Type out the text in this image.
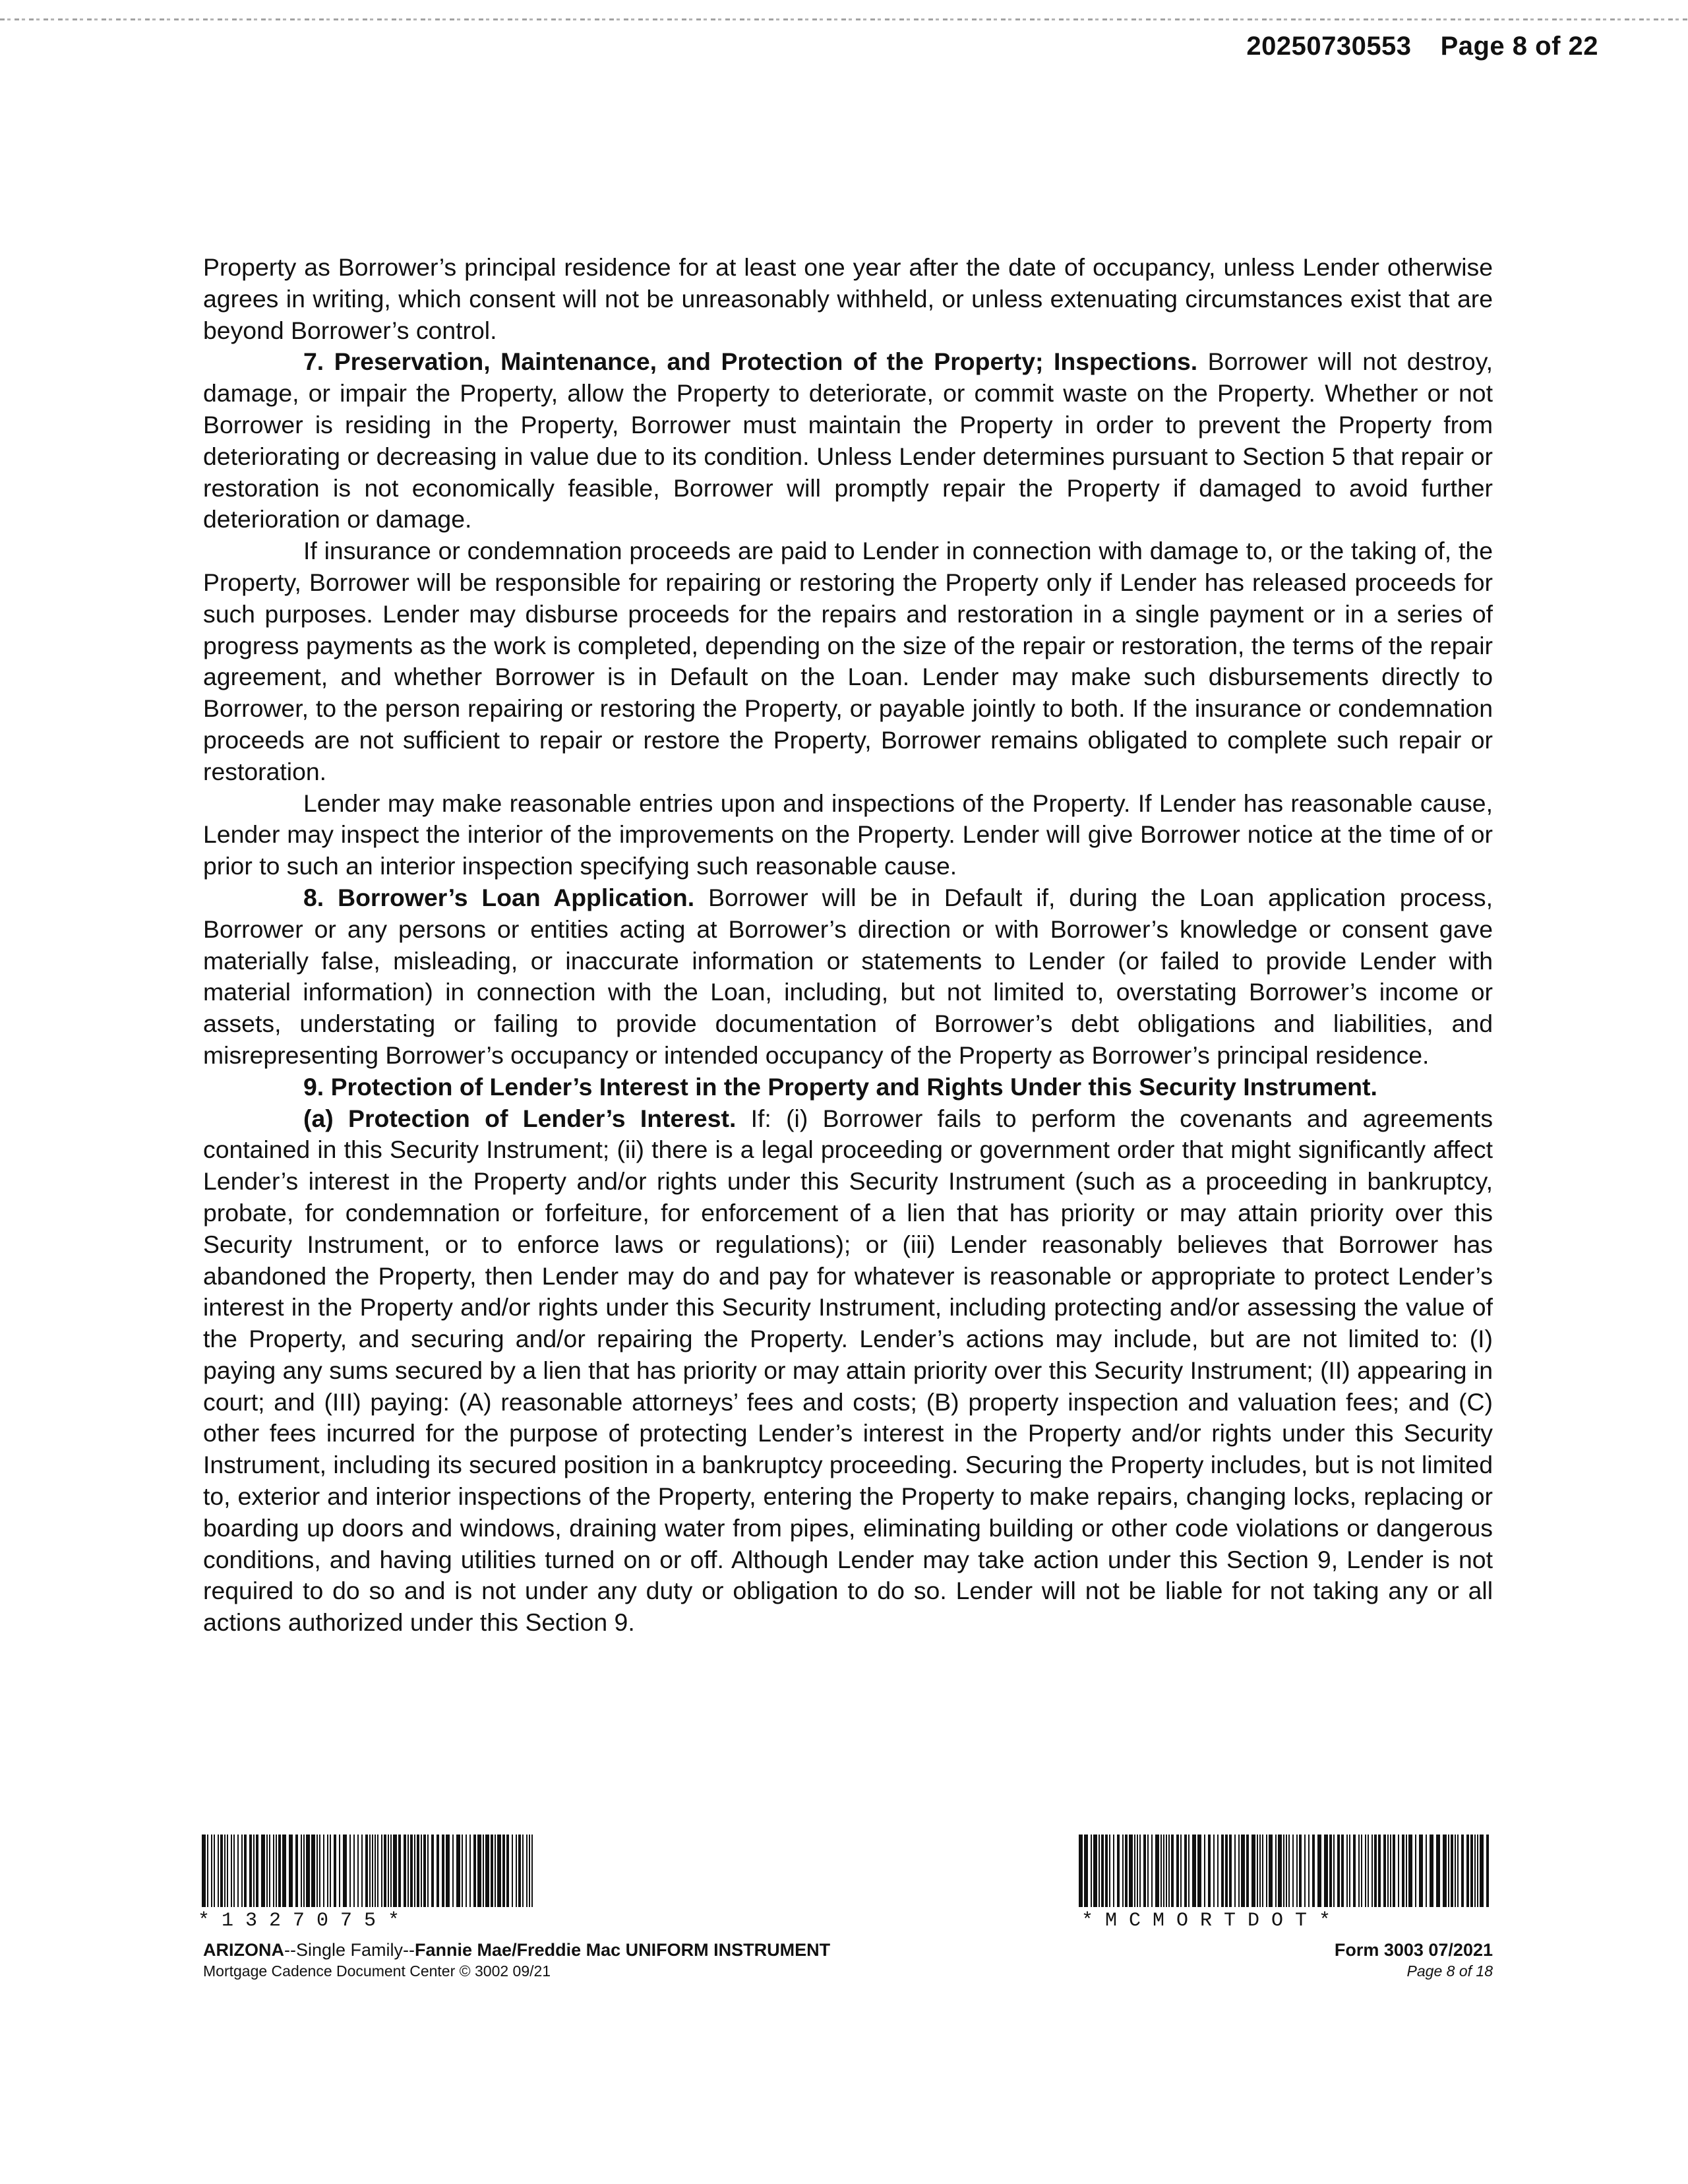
20250730553 Page 8 of 22

Property as Borrower’s principal residence for at least one year after the date of occupancy, unless Lender otherwise agrees in writing, which consent will not be unreasonably withheld, or unless extenuating circumstances exist that are beyond Borrower’s control.

7. Preservation, Maintenance, and Protection of the Property; Inspections. Borrower will not destroy, damage, or impair the Property, allow the Property to deteriorate, or commit waste on the Property. Whether or not Borrower is residing in the Property, Borrower must maintain the Property in order to prevent the Property from deteriorating or decreasing in value due to its condition. Unless Lender determines pursuant to Section 5 that repair or restoration is not economically feasible, Borrower will promptly repair the Property if damaged to avoid further deterioration or damage.

If insurance or condemnation proceeds are paid to Lender in connection with damage to, or the taking of, the Property, Borrower will be responsible for repairing or restoring the Property only if Lender has released proceeds for such purposes. Lender may disburse proceeds for the repairs and restoration in a single payment or in a series of progress payments as the work is completed, depending on the size of the repair or restoration, the terms of the repair agreement, and whether Borrower is in Default on the Loan. Lender may make such disbursements directly to Borrower, to the person repairing or restoring the Property, or payable jointly to both. If the insurance or condemnation proceeds are not sufficient to repair or restore the Property, Borrower remains obligated to complete such repair or restoration.

Lender may make reasonable entries upon and inspections of the Property. If Lender has reasonable cause, Lender may inspect the interior of the improvements on the Property. Lender will give Borrower notice at the time of or prior to such an interior inspection specifying such reasonable cause.

8. Borrower’s Loan Application. Borrower will be in Default if, during the Loan application process, Borrower or any persons or entities acting at Borrower’s direction or with Borrower’s knowledge or consent gave materially false, misleading, or inaccurate information or statements to Lender (or failed to provide Lender with material information) in connection with the Loan, including, but not limited to, overstating Borrower’s income or assets, understating or failing to provide documentation of Borrower’s debt obligations and liabilities, and misrepresenting Borrower’s occupancy or intended occupancy of the Property as Borrower’s principal residence.

9. Protection of Lender’s Interest in the Property and Rights Under this Security Instrument.

(a) Protection of Lender’s Interest. If: (i) Borrower fails to perform the covenants and agreements contained in this Security Instrument; (ii) there is a legal proceeding or government order that might significantly affect Lender’s interest in the Property and/or rights under this Security Instrument (such as a proceeding in bankruptcy, probate, for condemnation or forfeiture, for enforcement of a lien that has priority or may attain priority over this Security Instrument, or to enforce laws or regulations); or (iii) Lender reasonably believes that Borrower has abandoned the Property, then Lender may do and pay for whatever is reasonable or appropriate to protect Lender’s interest in the Property and/or rights under this Security Instrument, including protecting and/or assessing the value of the Property, and securing and/or repairing the Property. Lender’s actions may include, but are not limited to: (I) paying any sums secured by a lien that has priority or may attain priority over this Security Instrument; (II) appearing in court; and (III) paying: (A) reasonable attorneys’ fees and costs; (B) property inspection and valuation fees; and (C) other fees incurred for the purpose of protecting Lender’s interest in the Property and/or rights under this Security Instrument, including its secured position in a bankruptcy proceeding. Securing the Property includes, but is not limited to, exterior and interior inspections of the Property, entering the Property to make repairs, changing locks, replacing or boarding up doors and windows, draining water from pipes, eliminating building or other code violations or dangerous conditions, and having utilities turned on or off. Although Lender may take action under this Section 9, Lender is not required to do so and is not under any duty or obligation to do so. Lender will not be liable for not taking any or all actions authorized under this Section 9.

* 1 3 2 7 0 7 5 *	* M C M O R T D O T *
ARIZONA--Single Family--Fannie Mae/Freddie Mac UNIFORM INSTRUMENT
Mortgage Cadence Document Center © 3002 09/21
Form 3003 07/2021
Page 8 of 18
